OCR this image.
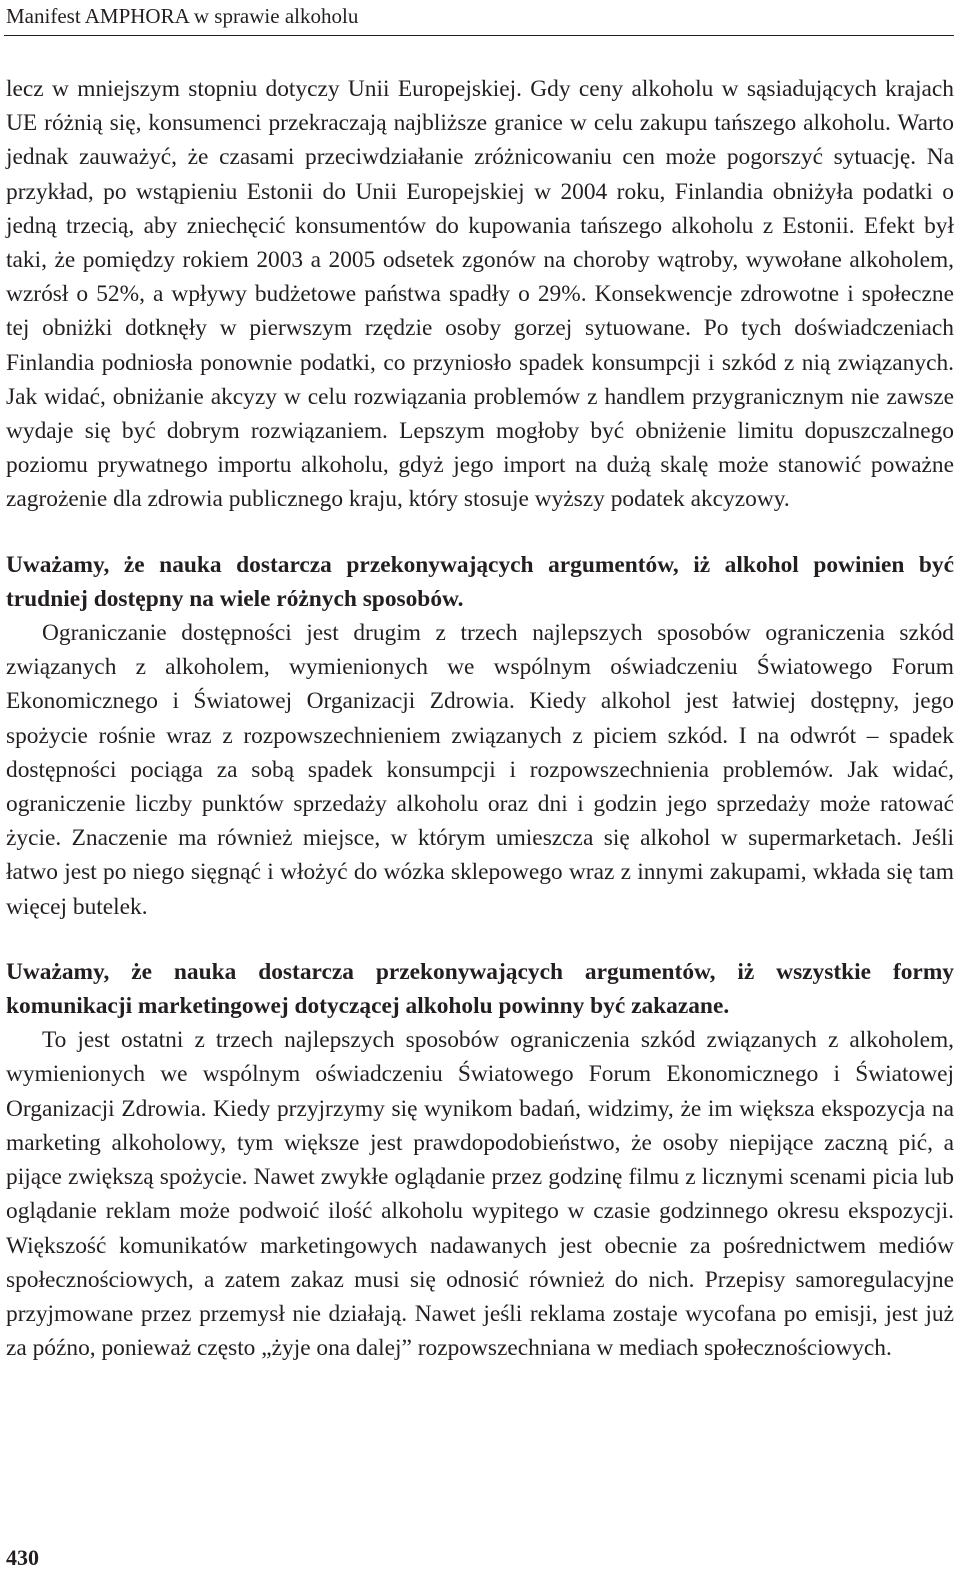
Manifest AMPHORA w sprawie alkoholu

lecz w mniejszym stopniu dotyczy Unii Europejskiej. Gdy ceny alkoholu w sąsiadujących krajach UE różnią się, konsumenci przekraczają najbliższe granice w celu zakupu tańszego alkoholu. Warto jednak zauważyć, że czasami przeciwdziałanie zróżnicowaniu cen może pogorszyć sytuację. Na przykład, po wstąpieniu Estonii do Unii Europejskiej w 2004 roku, Finlandia obniżyła podatki o jedną trzecią, aby zniechęcić konsumentów do kupowania tańszego alkoholu z Estonii. Efekt był taki, że pomiędzy rokiem 2003 a 2005 odsetek zgonów na choroby wątroby, wywołane alkoholem, wzrósł o 52%, a wpływy budżetowe państwa spadły o 29%. Konsekwencje zdrowotne i społeczne tej obniżki dotknęły w pierwszym rzędzie osoby gorzej sytuowane. Po tych doświadczeniach Finlandia podniosła ponownie podatki, co przyniosło spadek konsumpcji i szkód z nią związanych. Jak widać, obniżanie akcyzy w celu rozwiązania problemów z handlem przygranicznym nie zawsze wydaje się być dobrym rozwiązaniem. Lepszym mogłoby być obniżenie limitu dopuszczalnego poziomu prywatnego importu alkoholu, gdyż jego import na dużą skalę może stanowić poważne zagrożenie dla zdrowia publicznego kraju, który stosuje wyższy podatek akcyzowy.

Uważamy, że nauka dostarcza przekonywających argumentów, iż alkohol powinien być trudniej dostępny na wiele różnych sposobów.

Ograniczanie dostępności jest drugim z trzech najlepszych sposobów ograniczenia szkód związanych z alkoholem, wymienionych we wspólnym oświadczeniu Światowego Forum Ekonomicznego i Światowej Organizacji Zdrowia. Kiedy alkohol jest łatwiej dostępny, jego spożycie rośnie wraz z rozpowszechnieniem związanych z piciem szkód. I na odwrót – spadek dostępności pociąga za sobą spadek konsumpcji i rozpowszechnienia problemów. Jak widać, ograniczenie liczby punktów sprzedaży alkoholu oraz dni i godzin jego sprzedaży może ratować życie. Znaczenie ma również miejsce, w którym umieszcza się alkohol w supermarketach. Jeśli łatwo jest po niego sięgnąć i włożyć do wózka sklepowego wraz z innymi zakupami, wkłada się tam więcej butelek.

Uważamy, że nauka dostarcza przekonywających argumentów, iż wszystkie formy komunikacji marketingowej dotyczącej alkoholu powinny być zakazane.

To jest ostatni z trzech najlepszych sposobów ograniczenia szkód związanych z alkoholem, wymienionych we wspólnym oświadczeniu Światowego Forum Ekonomicznego i Światowej Organizacji Zdrowia. Kiedy przyjrzymy się wynikom badań, widzimy, że im większa ekspozycja na marketing alkoholowy, tym większe jest prawdopodobieństwo, że osoby niepijące zaczną pić, a pijące zwiększą spożycie. Nawet zwykłe oglądanie przez godzinę filmu z licznymi scenami picia lub oglądanie reklam może podwoić ilość alkoholu wypitego w czasie godzinnego okresu ekspozycji. Większość komunikatów marketingowych nadawanych jest obecnie za pośrednictwem mediów społecznościowych, a zatem zakaz musi się odnosić również do nich. Przepisy samoregulacyjne przyjmowane przez przemysł nie działają. Nawet jeśli reklama zostaje wycofana po emisji, jest już za późno, ponieważ często „żyje ona dalej” rozpowszechniana w mediach społecznościowych.

430
